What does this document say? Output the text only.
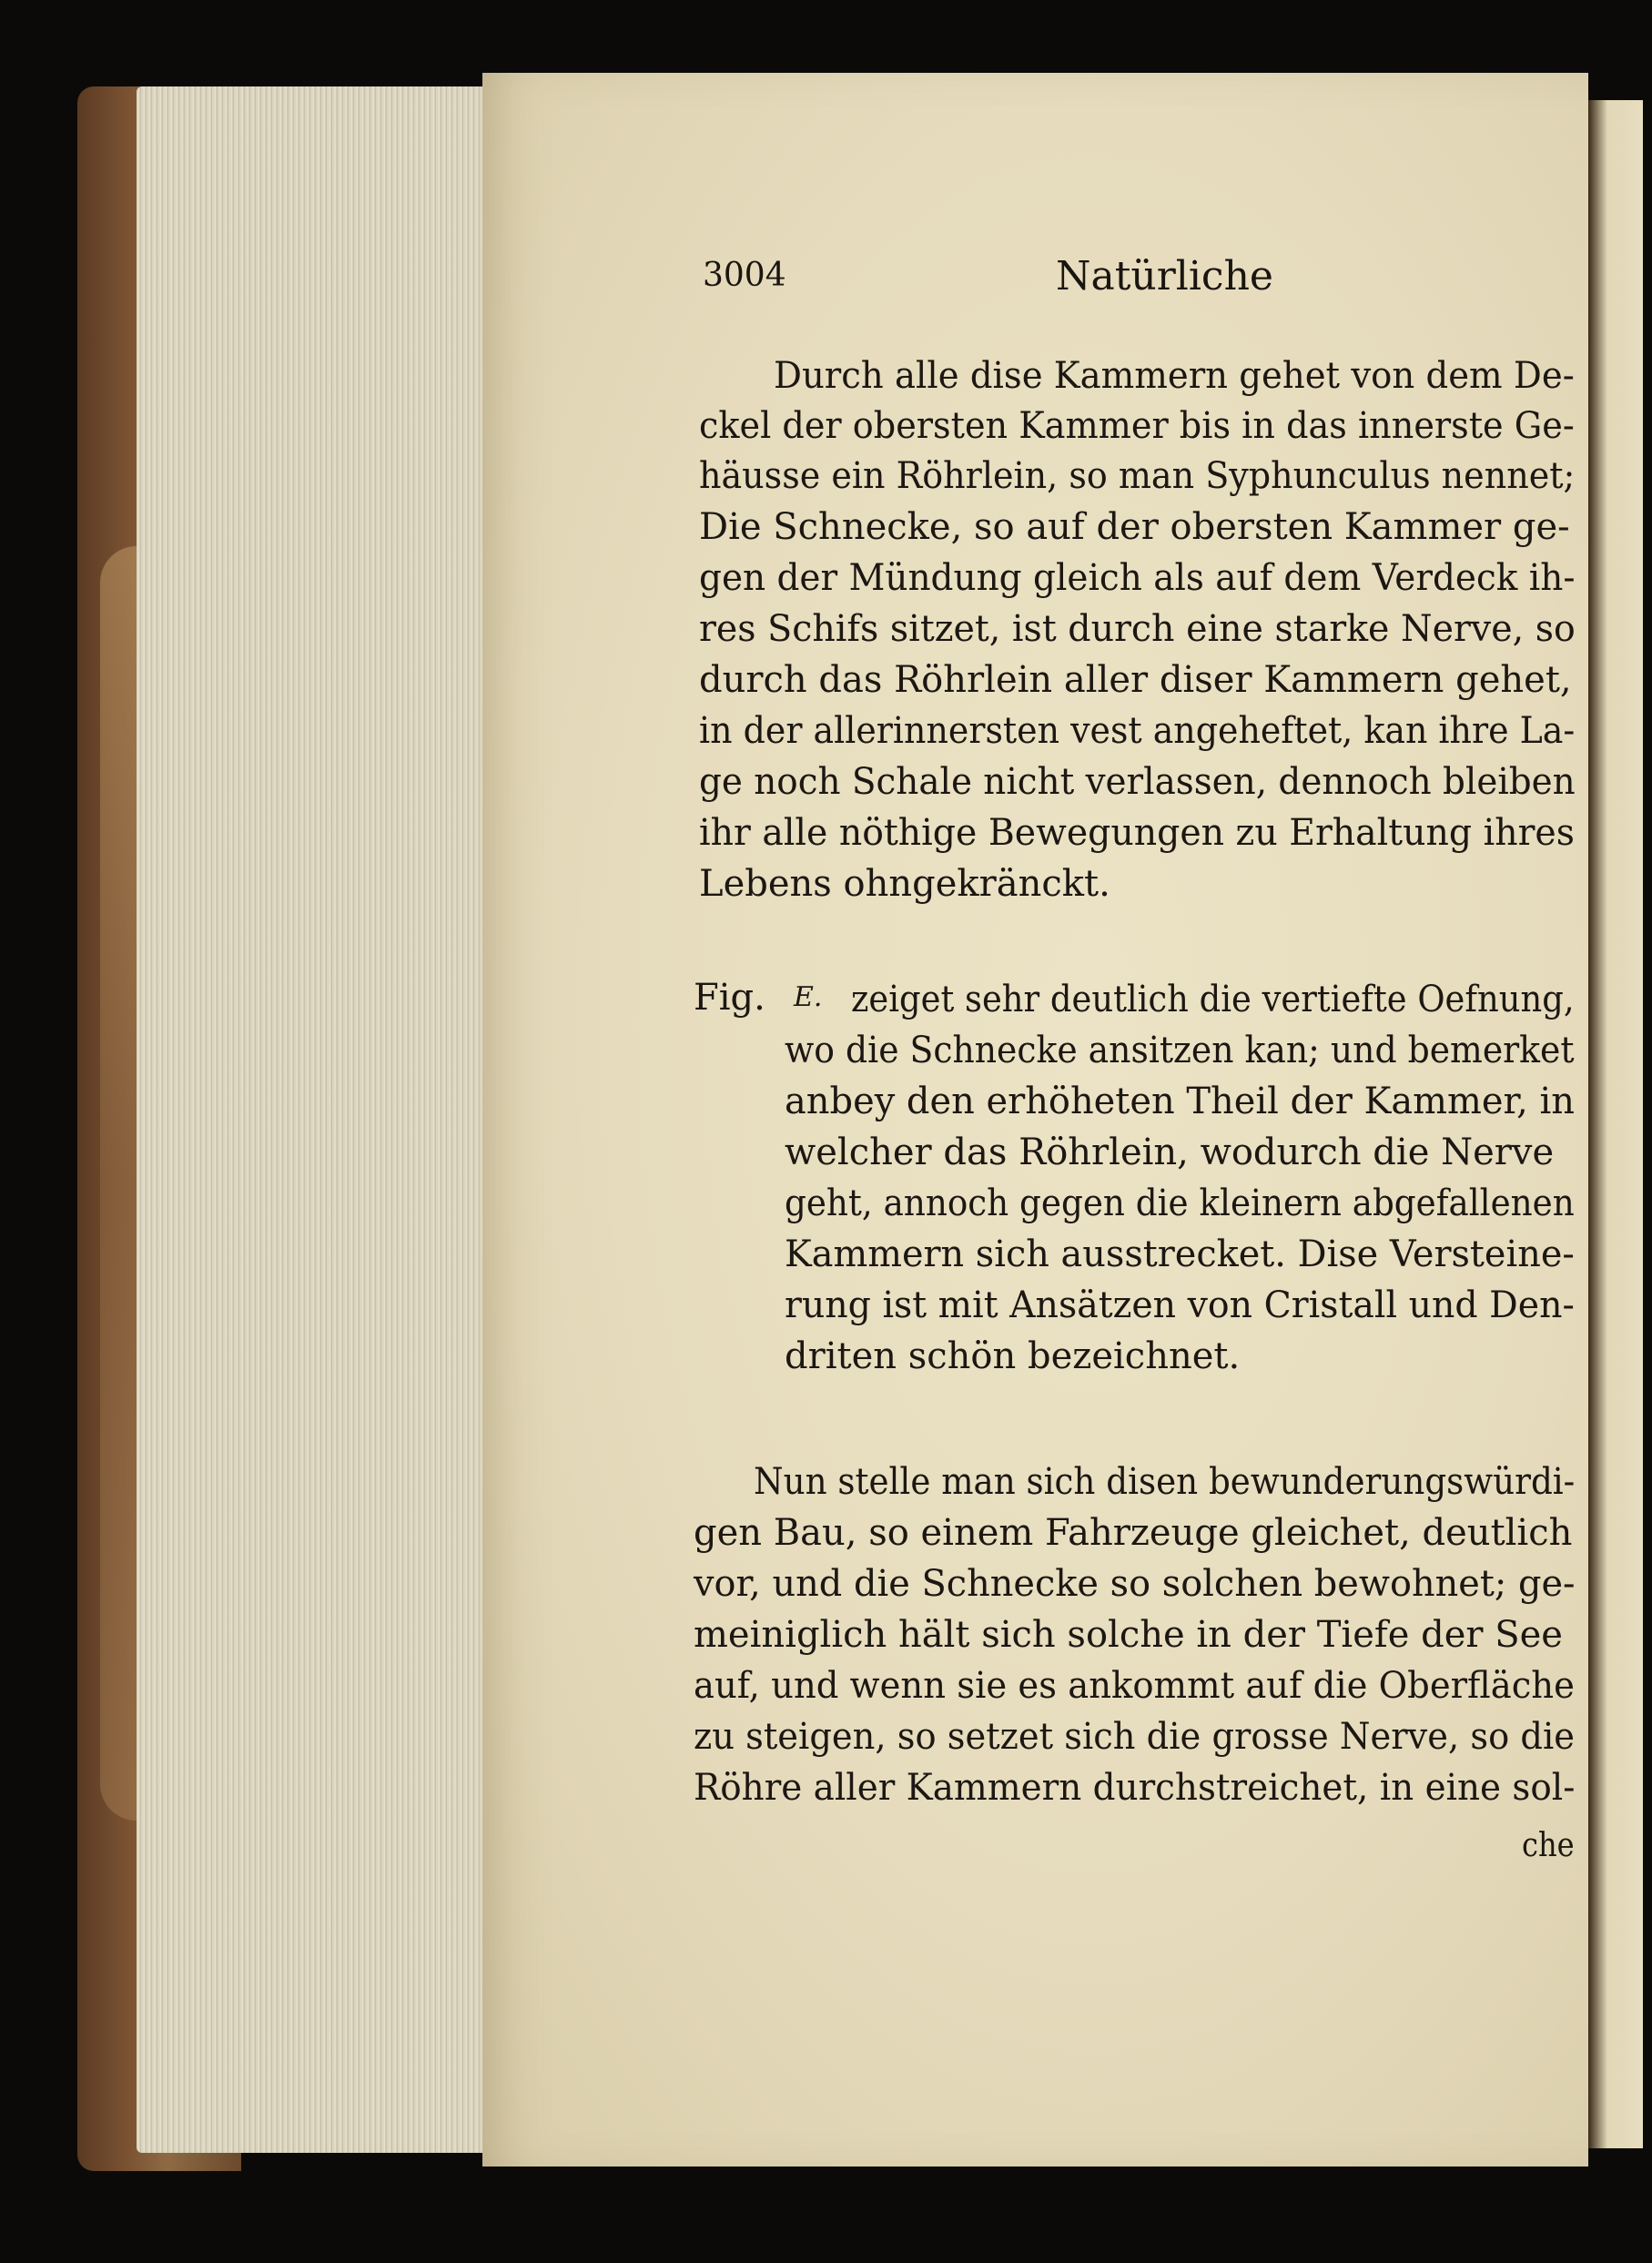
3004	Natürliche
Durch alle dise Kammern gehet von dem De-
ckel der obersten Kammer bis in das innerste Ge-
häusse ein Röhrlein, so man Syphunculus nennet;
Die Schnecke, so auf der obersten Kammer ge-
gen der Mündung gleich als auf dem Verdeck ih-
res Schifs sitzet, ist durch eine starke Nerve, so
durch das Röhrlein aller diser Kammern gehet,
in der allerinnersten vest angeheftet, kan ihre La-
ge noch Schale nicht verlassen, dennoch bleiben
ihr alle nöthige Bewegungen zu Erhaltung ihres
Lebens ohngekränckt.
Fig. E. zeiget sehr deutlich die vertiefte Oefnung,
wo die Schnecke ansitzen kan; und bemerket
anbey den erhöheten Theil der Kammer, in
welcher das Röhrlein, wodurch die Nerve
geht, annoch gegen die kleinern abgefallenen
Kammern sich ausstrecket. Dise Versteine-
rung ist mit Ansätzen von Cristall und Den-
driten schön bezeichnet.
Nun stelle man sich disen bewunderungswürdi-
gen Bau, so einem Fahrzeuge gleichet, deutlich
vor, und die Schnecke so solchen bewohnet; ge-
meiniglich hält sich solche in der Tiefe der See
auf, und wenn sie es ankommt auf die Oberfläche
zu steigen, so setzet sich die grosse Nerve, so die
Röhre aller Kammern durchstreichet, in eine sol-
che
